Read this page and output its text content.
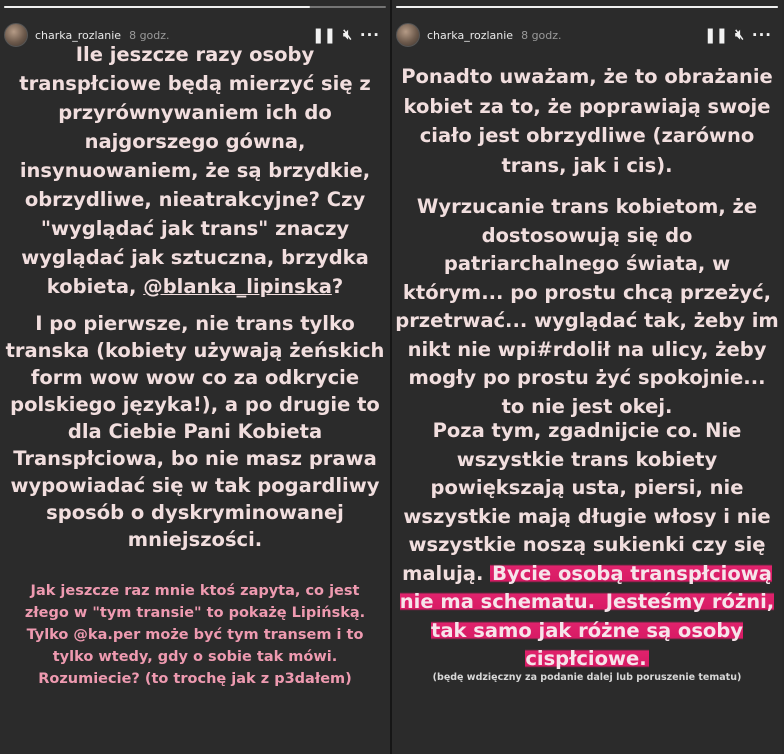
charka_rozlanie 8 godz.	❚❚ 🔇︎ ···
Ile jeszcze razy osoby transpłciowe będą mierzyć się z przyrównywaniem ich do najgorszego gówna, insynuowaniem, że są brzydkie, obrzydliwe, nieatrakcyjne? Czy "wyglądać jak trans" znaczy wyglądać jak sztuczna, brzydka kobieta, @blanka_lipinska?
I po pierwsze, nie trans tylko transka (kobiety używają żeńskich form wow wow co za odkrycie polskiego języka!), a po drugie to dla Ciebie Pani Kobieta Transpłciowa, bo nie masz prawa wypowiadać się w tak pogardliwy sposób o dyskryminowanej mniejszości.
Jak jeszcze raz mnie ktoś zapyta, co jest złego w "tym transie" to pokażę Lipińską. Tylko @ka.per może być tym transem i to tylko wtedy, gdy o sobie tak mówi. Rozumiecie? (to trochę jak z p3dałem)
charka_rozlanie 8 godz.	❚❚ 🔇︎ ···
Ponadto uważam, że to obrażanie kobiet za to, że poprawiają swoje ciało jest obrzydliwe (zarówno trans, jak i cis).
Wyrzucanie trans kobietom, że dostosowują się do patriarchalnego świata, w którym... po prostu chcą przeżyć, przetrwać... wyglądać tak, żeby im nikt nie wpi#rdolił na ulicy, żeby mogły po prostu żyć spokojnie... to nie jest okej.
Poza tym, zgadnijcie co. Nie wszystkie trans kobiety powiększają usta, piersi, nie wszystkie mają długie włosy i nie wszystkie noszą sukienki czy się malują. Bycie osobą transpłciową nie ma schematu. Jesteśmy różni, tak samo jak różne są osoby cispłciowe.
(będę wdzięczny za podanie dalej lub poruszenie tematu)
